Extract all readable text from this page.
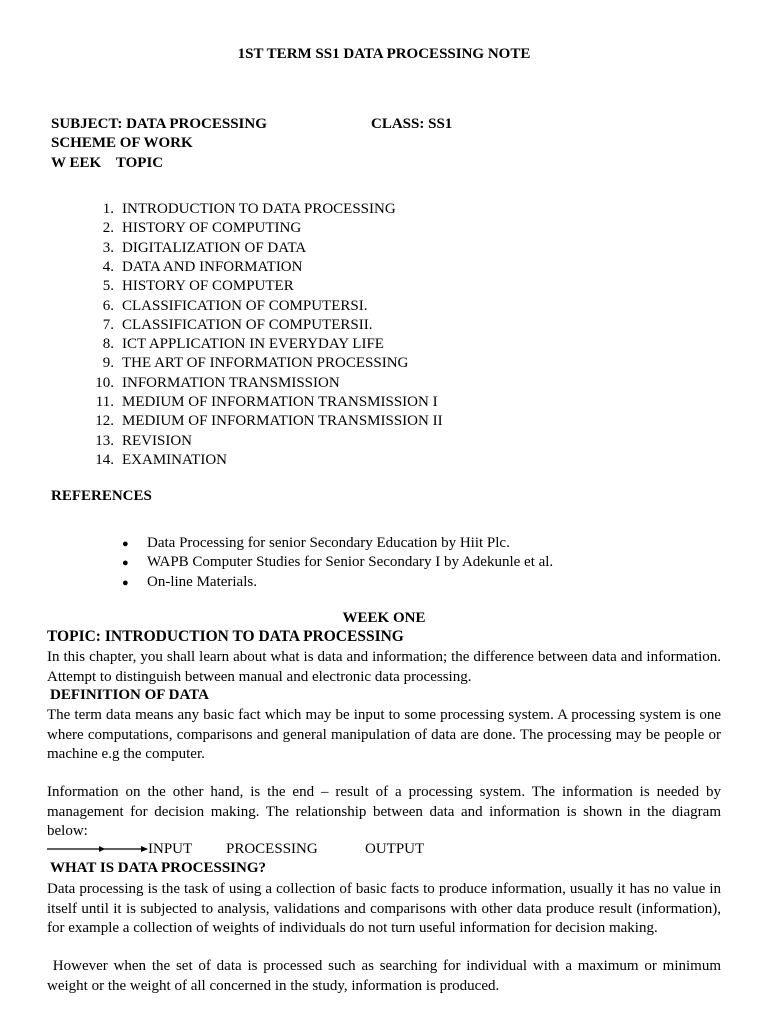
1ST TERM SS1 DATA PROCESSING NOTE
SUBJECT: DATA PROCESSING	CLASS: SS1
SCHEME OF WORK
W EEK    TOPIC
1. INTRODUCTION TO DATA PROCESSING
2. HISTORY OF COMPUTING
3. DIGITALIZATION OF DATA
4. DATA AND INFORMATION
5. HISTORY OF COMPUTER
6. CLASSIFICATION OF COMPUTERSI.
7. CLASSIFICATION OF COMPUTERSII.
8. ICT APPLICATION IN EVERYDAY LIFE
9. THE ART OF INFORMATION PROCESSING
10. INFORMATION TRANSMISSION
11. MEDIUM OF INFORMATION TRANSMISSION I
12. MEDIUM OF INFORMATION TRANSMISSION II
13. REVISION
14. EXAMINATION
REFERENCES
● Data Processing for senior Secondary Education by Hiit Plc.
● WAPB Computer Studies for Senior Secondary I by Adekunle et al.
● On-line Materials.
WEEK ONE
TOPIC: INTRODUCTION TO DATA PROCESSING
In this chapter, you shall learn about what is data and information; the difference between data and information. Attempt to distinguish between manual and electronic data processing.
DEFINITION OF DATA
The term data means any basic fact which may be input to some processing system. A processing system is one where computations, comparisons and general manipulation of data are done. The processing may be people or machine e.g the computer.
Information on the other hand, is the end – result of a processing system. The information is needed by management for decision making. The relationship between data and information is shown in the diagram below:
INPUT PROCESSING	OUTPUT
WHAT IS DATA PROCESSING?
Data processing is the task of using a collection of basic facts to produce information, usually it has no value in itself until it is subjected to analysis, validations and comparisons with other data produce result (information), for example a collection of weights of individuals do not turn useful information for decision making.
However when the set of data is processed such as searching for individual with a maximum or minimum weight or the weight of all concerned in the study, information is produced.
